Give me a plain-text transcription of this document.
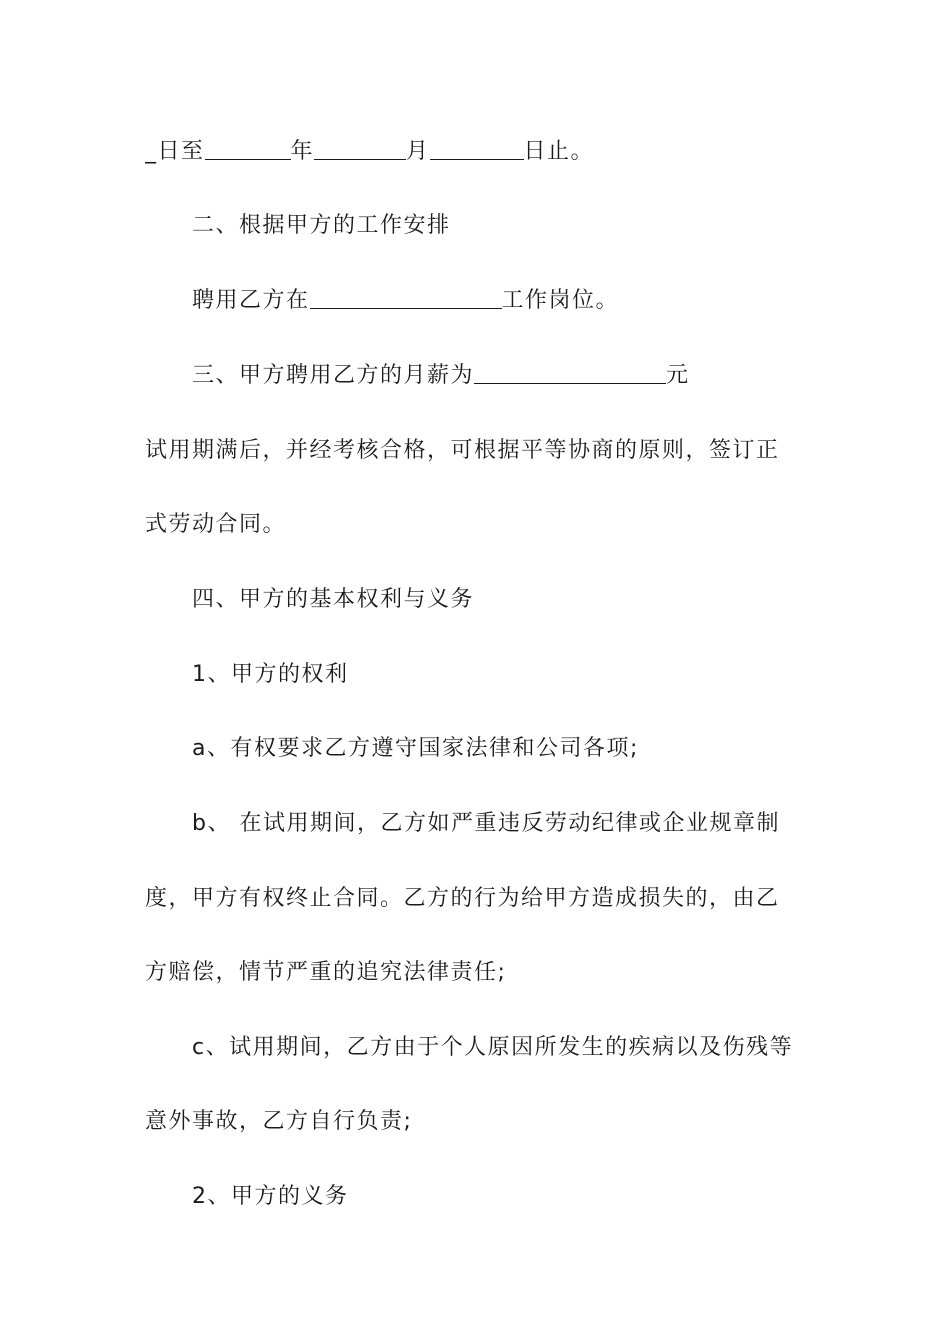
_日至	年	月	日止。
二、根据甲方的工作安排
聘用乙方在	工作岗位。
三、甲方聘用乙方的月薪为	元
试用期满后，并经考核合格，可根据平等协商的原则，签订正
式劳动合同。
四、甲方的基本权利与义务
1、甲方的权利
a、有权要求乙方遵守国家法律和公司各项;
b、 在试用期间，乙方如严重违反劳动纪律或企业规章制
度，甲方有权终止合同。乙方的行为给甲方造成损失的，由乙
方赔偿，情节严重的追究法律责任;
c、试用期间，乙方由于个人原因所发生的疾病以及伤残等
意外事故，乙方自行负责;
2、甲方的义务
